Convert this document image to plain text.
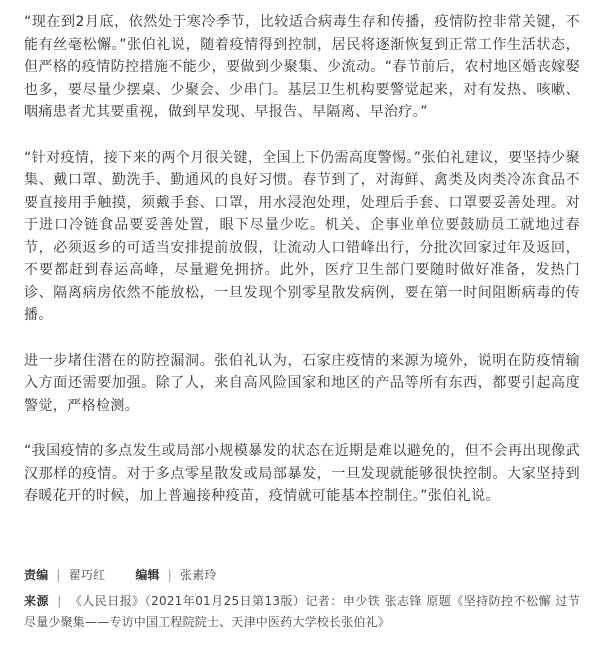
“现在到2月底，依然处于寒冷季节，比较适合病毒生存和传播，疫情防控非常关键，不能有丝毫松懈。”张伯礼说，随着疫情得到控制，居民将逐渐恢复到正常工作生活状态，但严格的疫情防控措施不能少，要做到少聚集、少流动。“春节前后，农村地区婚丧嫁娶也多，要尽量少摆桌、少聚会、少串门。基层卫生机构要警觉起来，对有发热、咳嗽、咽痛患者尤其要重视，做到早发现、早报告、早隔离、早治疗。”

“针对疫情，接下来的两个月很关键，全国上下仍需高度警惕。”张伯礼建议，要坚持少聚集、戴口罩、勤洗手、勤通风的良好习惯。春节到了，对海鲜、禽类及肉类冷冻食品不要直接用手触摸，须戴手套、口罩，用水浸泡处理，处理后手套、口罩要妥善处理。对于进口冷链食品要妥善处置，眼下尽量少吃。机关、企事业单位要鼓励员工就地过春节，必须返乡的可适当安排提前放假，让流动人口错峰出行，分批次回家过年及返回，不要都赶到春运高峰，尽量避免拥挤。此外，医疗卫生部门要随时做好准备，发热门诊、隔离病房依然不能放松，一旦发现个别零星散发病例，要在第一时间阻断病毒的传播。

进一步堵住潜在的防控漏洞。张伯礼认为，石家庄疫情的来源为境外，说明在防疫情输入方面还需要加强。除了人，来自高风险国家和地区的产品等所有东西，都要引起高度警觉，严格检测。

“我国疫情的多点发生或局部小规模暴发的状态在近期是难以避免的，但不会再出现像武汉那样的疫情。对于多点零星散发或局部暴发，一旦发现就能够很快控制。大家坚持到春暖花开的时候，加上普遍接种疫苗，疫情就可能基本控制住。”张伯礼说。

责编 | 翟巧红	编辑 | 张素玲
来源 | 《人民日报》（2021年01月25日第13版）记者：申少铁 张志锋 原题《坚持防控不松懈 过节尽量少聚集——专访中国工程院院士、天津中医药大学校长张伯礼》
